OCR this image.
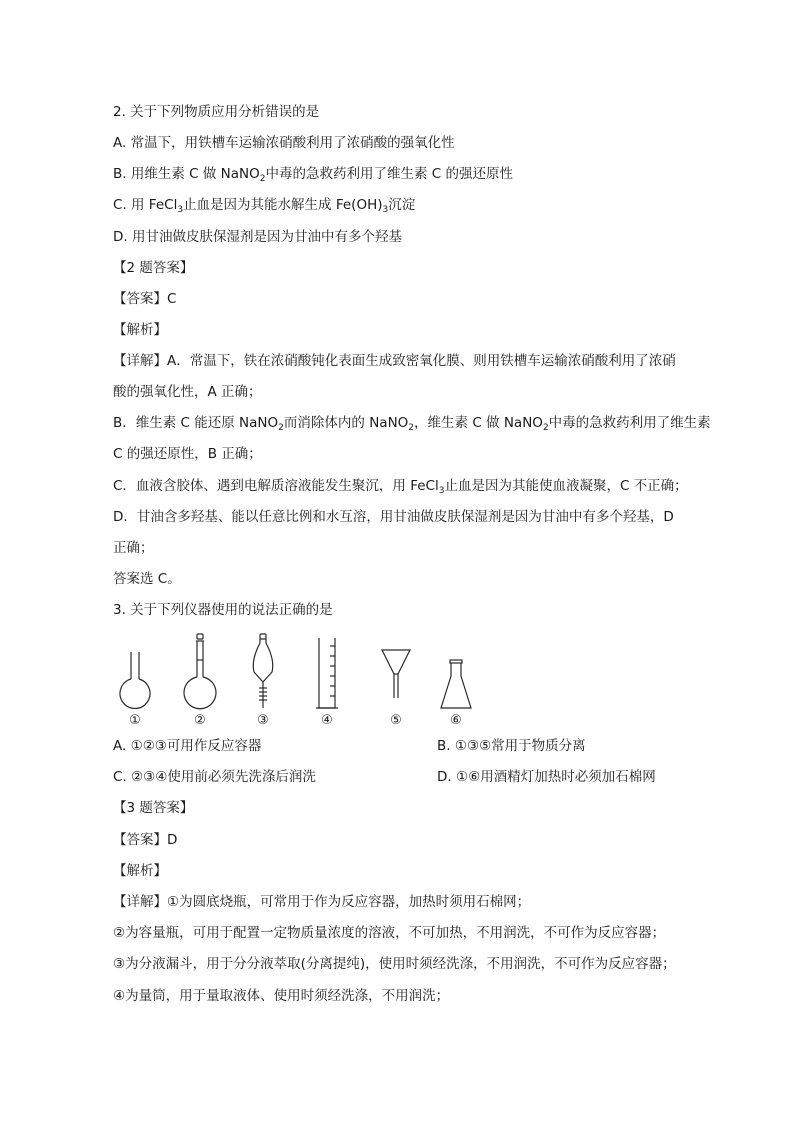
2. 关于下列物质应用分析错误的是
A. 常温下，用铁槽车运输浓硝酸利用了浓硝酸的强氧化性
B. 用维生素 C 做 NaNO$_2$中毒的急救药利用了维生素 C 的强还原性
C. 用 FeCl$_3$止血是因为其能水解生成 $Fe(OH)_3$沉淀
D. 用甘油做皮肤保湿剂是因为甘油中有多个羟基
【2 题答案】
【答案】C
【解析】
【详解】A．常温下，铁在浓硝酸钝化表面生成致密氧化膜、则用铁槽车运输浓硝酸利用了浓硝
酸的强氧化性，A 正确；
B．维生素 C 能还原 NaNO$_2$而消除体内的 NaNO$_2$，维生素 C 做 NaNO$_2$中毒的急救药利用了维生素
C 的强还原性，B 正确；
C．血液含胶体、遇到电解质溶液能发生聚沉，用 FeCl$_3$止血是因为其能使血液凝聚，C 不正确；
D．甘油含多羟基、能以任意比例和水互溶，用甘油做皮肤保湿剂是因为甘油中有多个羟基，D
正确；
答案选 C。
3. 关于下列仪器使用的说法正确的是
①	②	③	④	⑤	⑥
A. ①②③可用作反应容器	B. ①③⑤常用于物质分离
C. ②③④使用前必须先洗涤后润洗	D. ①⑥用酒精灯加热时必须加石棉网
【3 题答案】
【答案】D
【解析】
【详解】①为圆底烧瓶，可常用于作为反应容器，加热时须用石棉网；
②为容量瓶，可用于配置一定物质量浓度的溶液，不可加热，不用润洗，不可作为反应容器；
③为分液漏斗，用于分分液萃取(分离提纯)，使用时须经洗涤，不用润洗，不可作为反应容器；
④为量筒，用于量取液体、使用时须经洗涤，不用润洗；
